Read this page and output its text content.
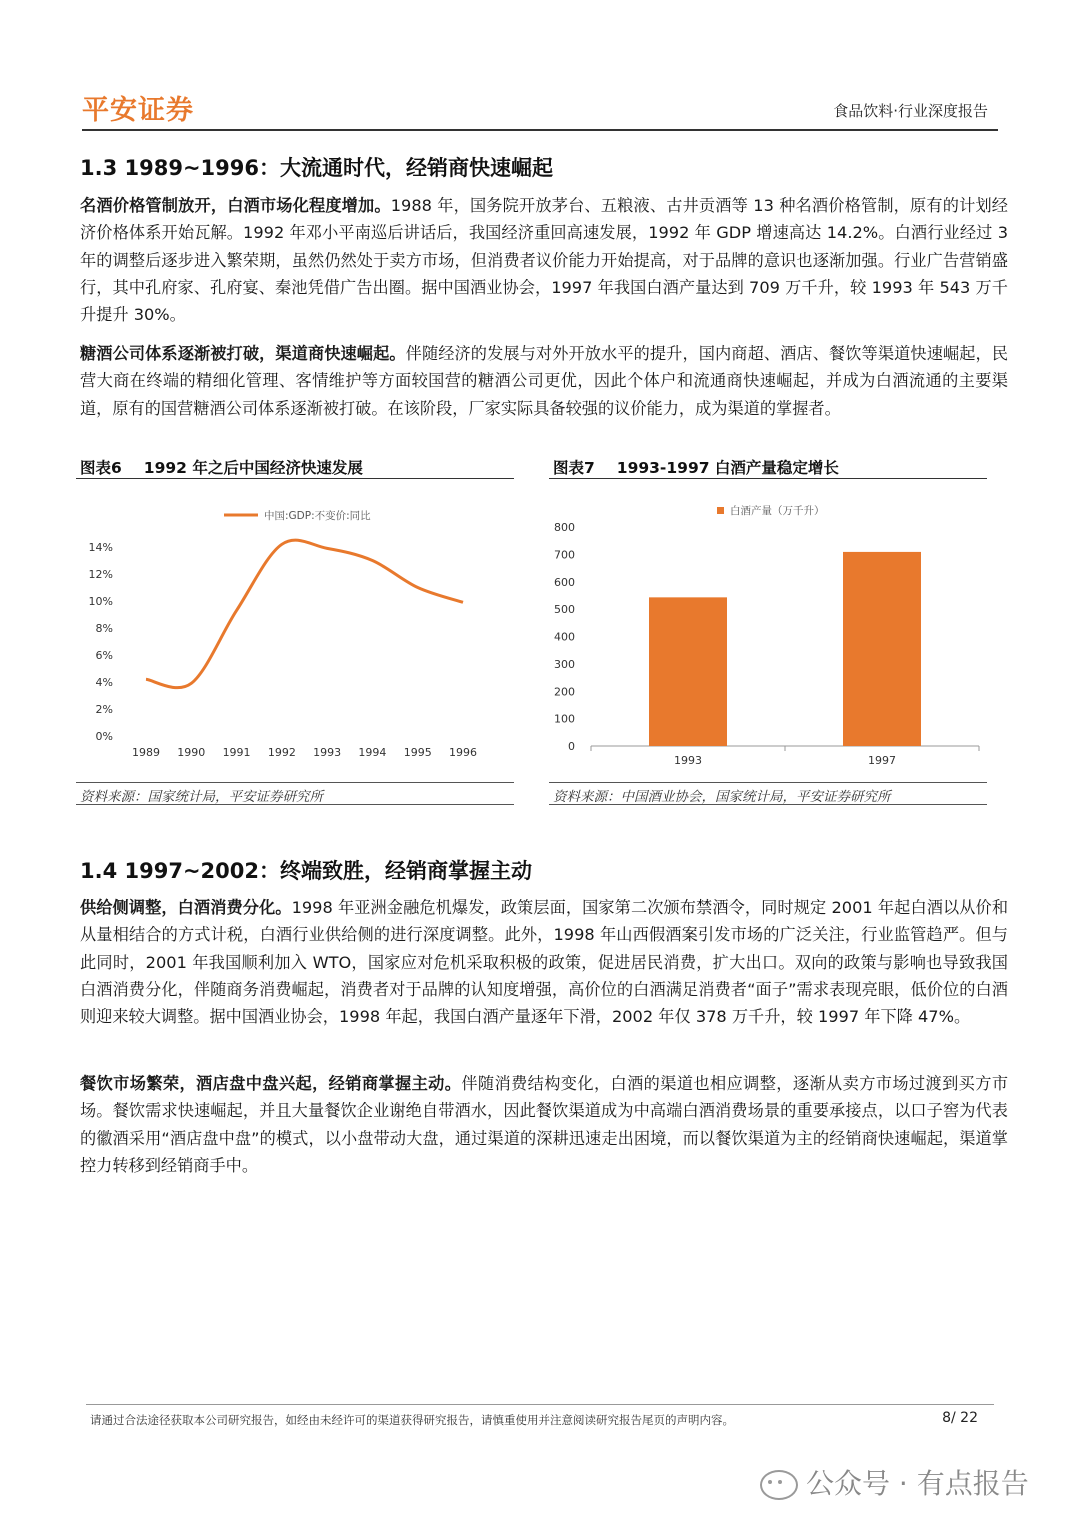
平安证券	食品饮料·行业深度报告
1.3 1989~1996：大流通时代，经销商快速崛起
名酒价格管制放开，白酒市场化程度增加。1988 年，国务院开放茅台、五粮液、古井贡酒等 13 种名酒价格管制，原有的计划经济价格体系开始瓦解。1992 年邓小平南巡后讲话后，我国经济重回高速发展，1992 年 GDP 增速高达 14.2%。白酒行业经过 3 年的调整后逐步进入繁荣期，虽然仍然处于卖方市场，但消费者议价能力开始提高，对于品牌的意识也逐渐加强。行业广告营销盛行，其中孔府家、孔府宴、秦池凭借广告出圈。据中国酒业协会，1997 年我国白酒产量达到 709 万千升，较 1993 年 543 万千升提升 30%。
糖酒公司体系逐渐被打破，渠道商快速崛起。伴随经济的发展与对外开放水平的提升，国内商超、酒店、餐饮等渠道快速崛起，民营大商在终端的精细化管理、客情维护等方面较国营的糖酒公司更优，因此个体户和流通商快速崛起，并成为白酒流通的主要渠道，原有的国营糖酒公司体系逐渐被打破。在该阶段，厂家实际具备较强的议价能力，成为渠道的掌握者。
图表6 1992 年之后中国经济快速发展
中国:GDP:不变价:同比
0%
2%
4%
6%
8%
10%
12%
14%
1989 1990 1991 1992 1993 1994 1995 1996
资料来源：国家统计局，平安证券研究所
图表7 1993-1997 白酒产量稳定增长
白酒产量（万千升）
0
100
200
300
400
500
600
700
800
1993	1997
资料来源：中国酒业协会，国家统计局，平安证券研究所
1.4 1997~2002：终端致胜，经销商掌握主动
供给侧调整，白酒消费分化。1998 年亚洲金融危机爆发，政策层面，国家第二次颁布禁酒令，同时规定 2001 年起白酒以从价和从量相结合的方式计税，白酒行业供给侧的进行深度调整。此外，1998 年山西假酒案引发市场的广泛关注，行业监管趋严。但与此同时，2001 年我国顺利加入 WTO，国家应对危机采取积极的政策，促进居民消费，扩大出口。双向的政策与影响也导致我国白酒消费分化，伴随商务消费崛起，消费者对于品牌的认知度增强，高价位的白酒满足消费者“面子”需求表现亮眼，低价位的白酒则迎来较大调整。据中国酒业协会，1998 年起，我国白酒产量逐年下滑，2002 年仅 378 万千升，较 1997 年下降 47%。
餐饮市场繁荣，酒店盘中盘兴起，经销商掌握主动。伴随消费结构变化，白酒的渠道也相应调整，逐渐从卖方市场过渡到买方市场。餐饮需求快速崛起，并且大量餐饮企业谢绝自带酒水，因此餐饮渠道成为中高端白酒消费场景的重要承接点，以口子窖为代表的徽酒采用“酒店盘中盘”的模式，以小盘带动大盘，通过渠道的深耕迅速走出困境，而以餐饮渠道为主的经销商快速崛起，渠道掌控力转移到经销商手中。
请通过合法途径获取本公司研究报告，如经由未经许可的渠道获得研究报告，请慎重使用并注意阅读研究报告尾页的声明内容。	8/ 22
公众号 · 有点报告
